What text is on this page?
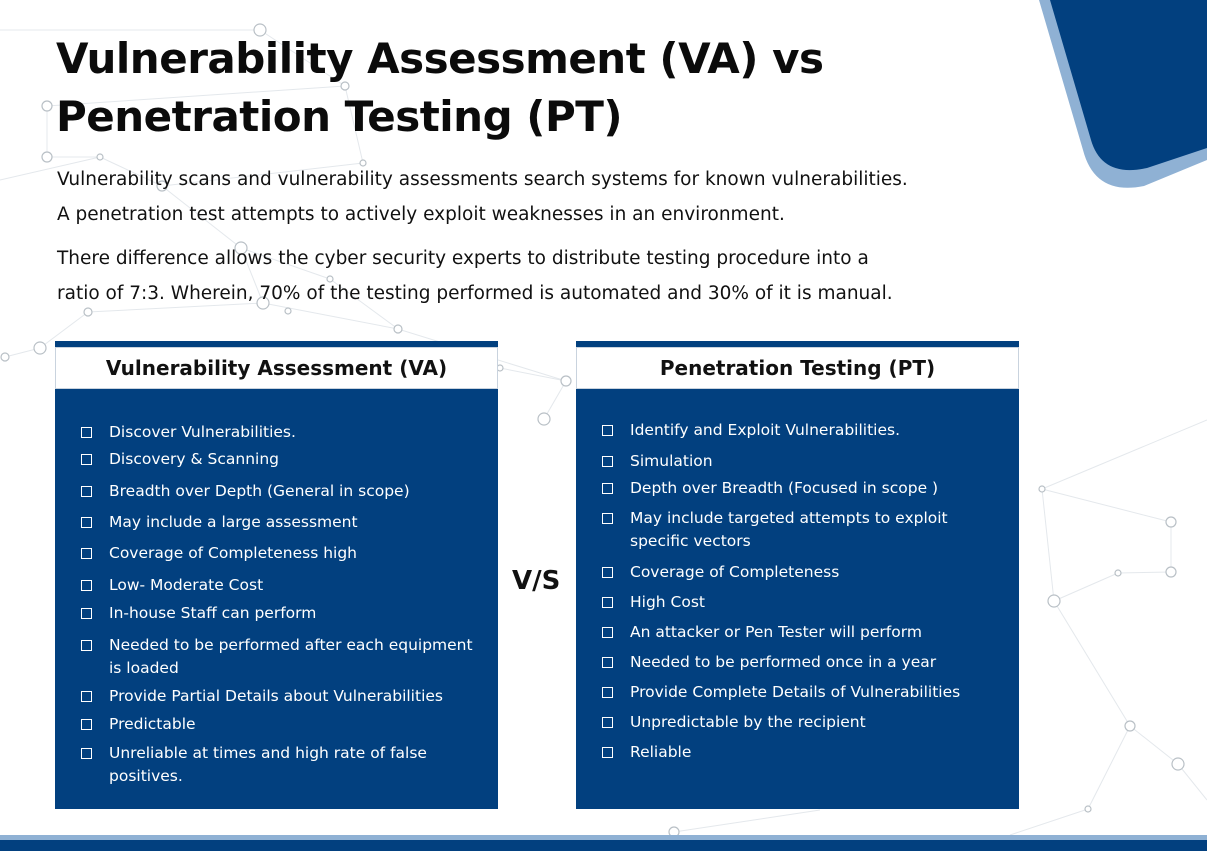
Vulnerability Assessment (VA) vs
Penetration Testing (PT)

Vulnerability scans and vulnerability assessments search systems for known vulnerabilities.
A penetration test attempts to actively exploit weaknesses in an environment.

There difference allows the cyber security experts to distribute testing procedure into a
ratio of 7:3. Wherein, 70% of the testing performed is automated and 30% of it is manual.

Vulnerability Assessment (VA)
Discover Vulnerabilities.
Discovery & Scanning
Breadth over Depth (General in scope)
May include a large assessment
Coverage of Completeness high
Low- Moderate Cost
In-house Staff can perform
Needed to be performed after each equipment
is loaded
Provide Partial Details about Vulnerabilities
Predictable
Unreliable at times and high rate of false
positives.
V/S
Penetration Testing (PT)
Identify and Exploit Vulnerabilities.
Simulation
Depth over Breadth (Focused in scope )
May include targeted attempts to exploit
specific vectors
Coverage of Completeness
High Cost
An attacker or Pen Tester will perform
Needed to be performed once in a year
Provide Complete Details of Vulnerabilities
Unpredictable by the recipient
Reliable
